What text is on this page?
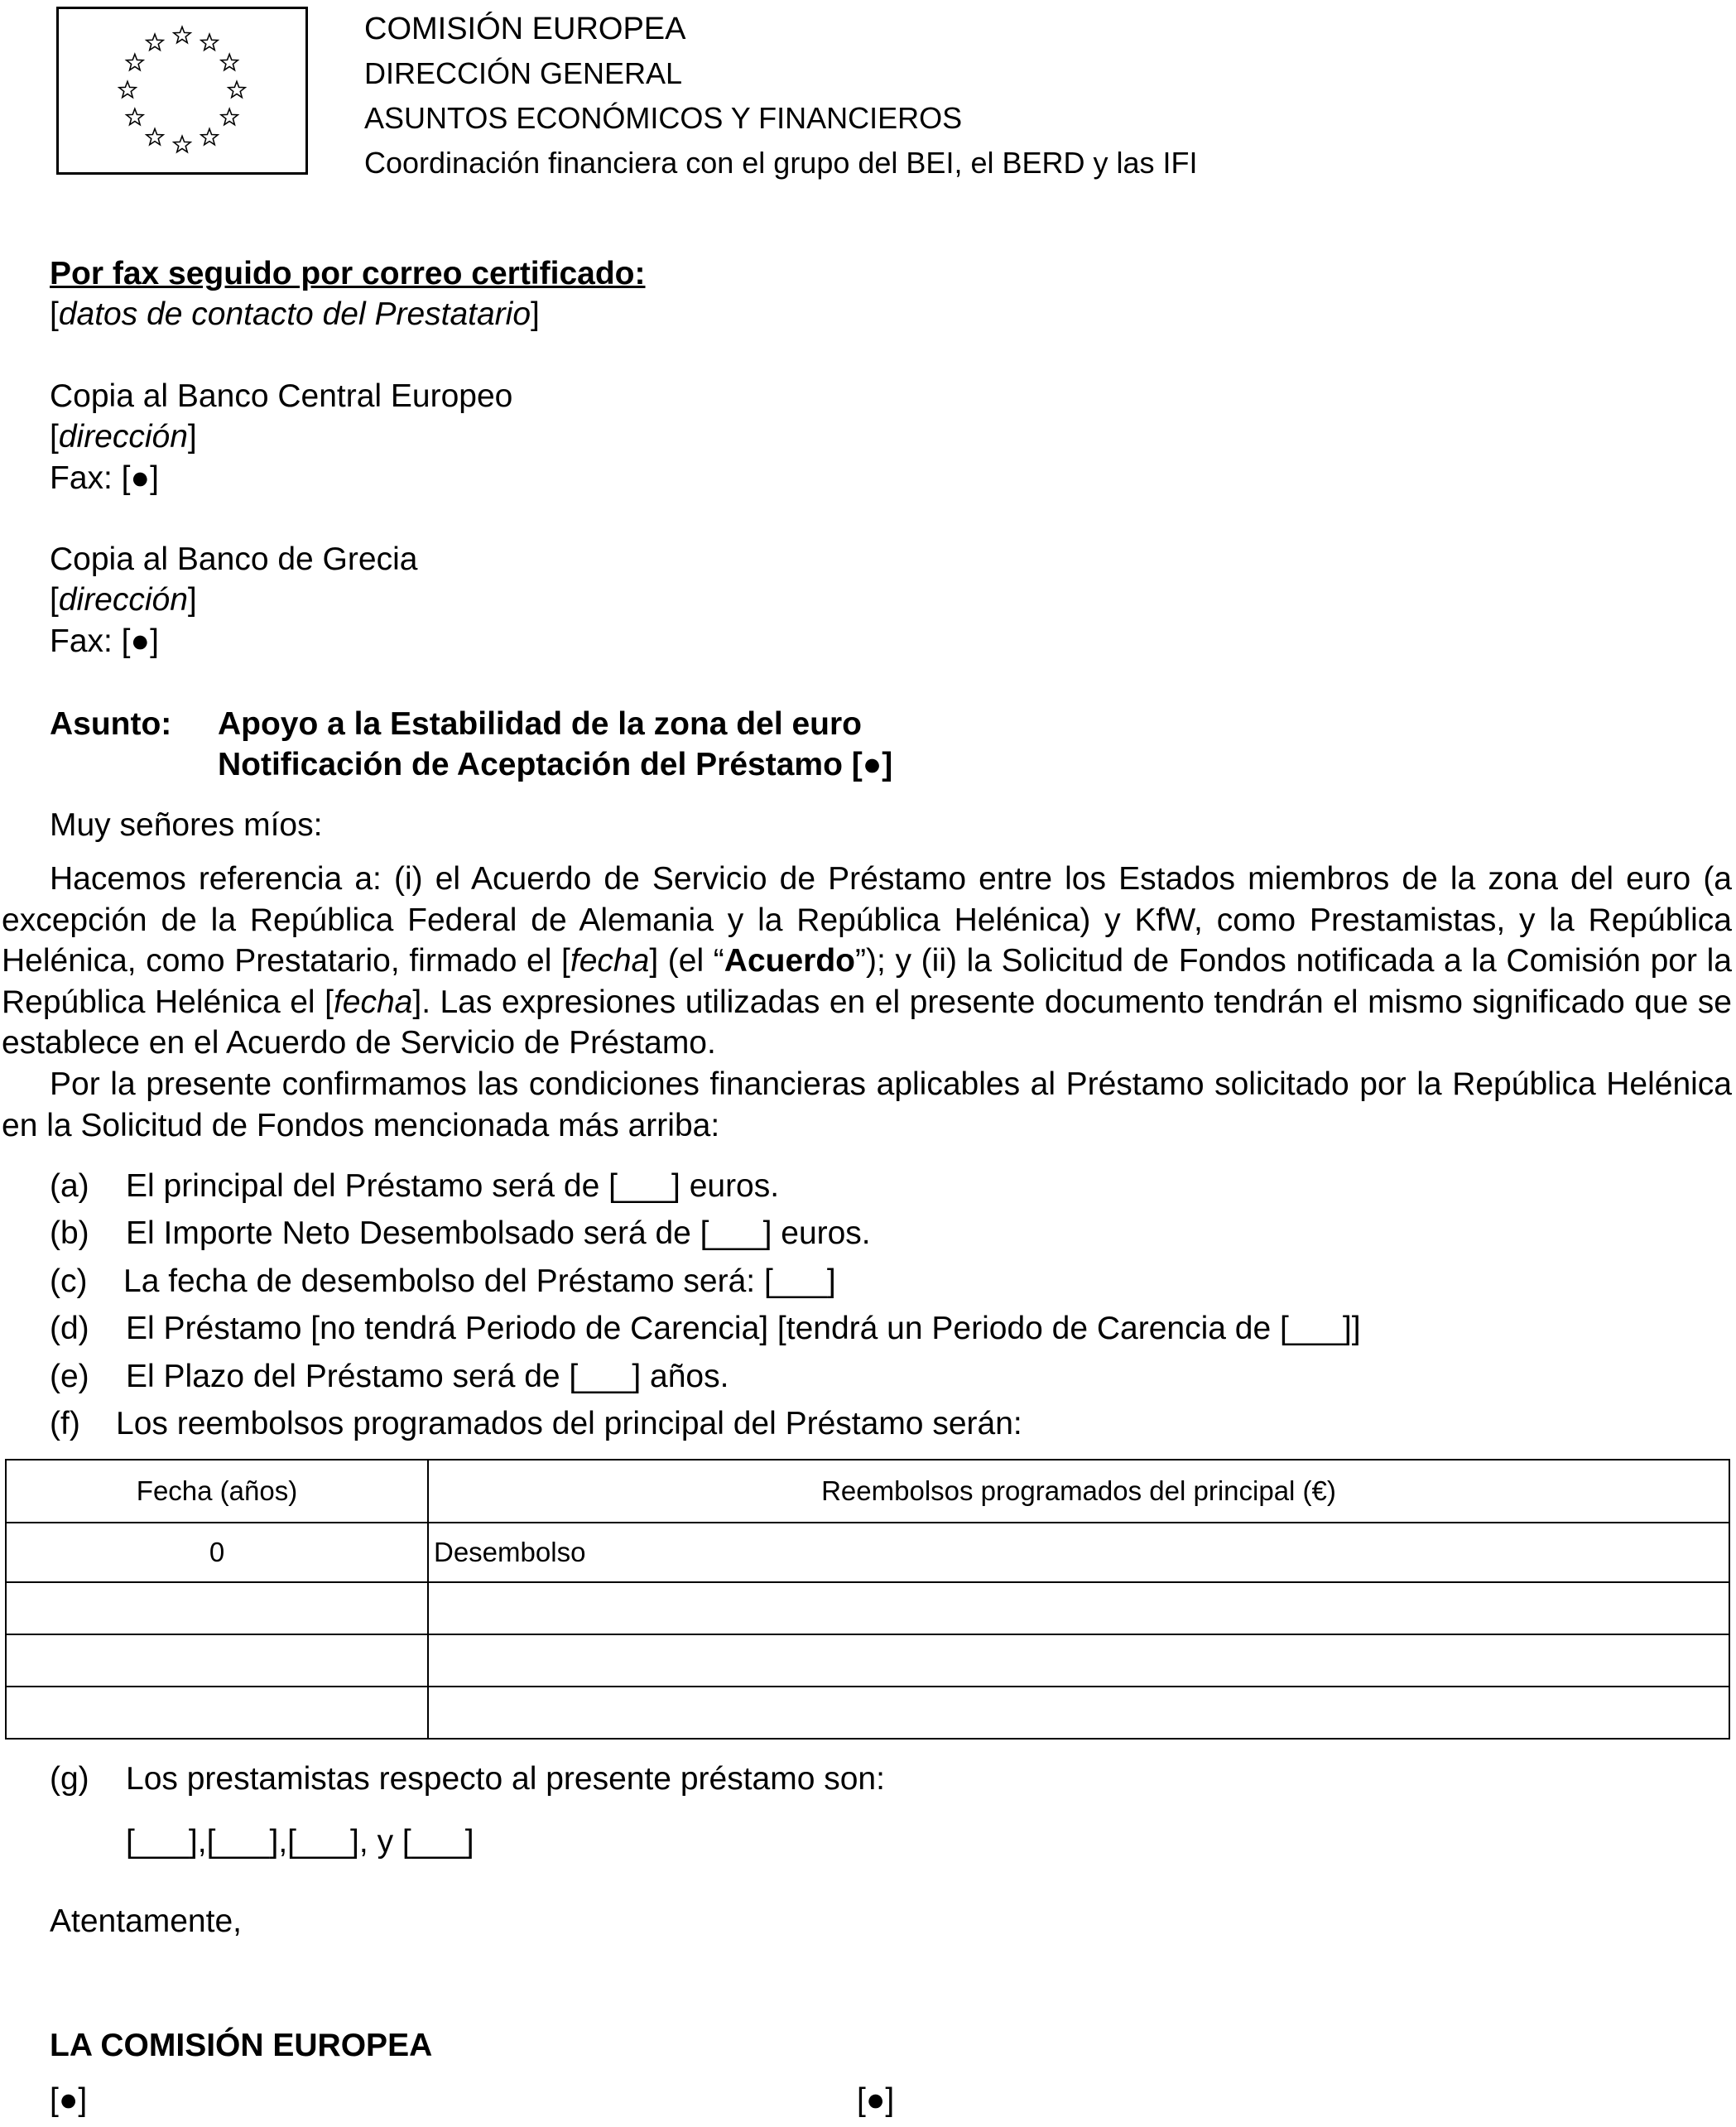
COMISIÓN EUROPEA
DIRECCIÓN GENERAL
ASUNTOS ECONÓMICOS Y FINANCIEROS
Coordinación financiera con el grupo del BEI, el BERD y las IFI
Por fax seguido por correo certificado:
[datos de contacto del Prestatario]
Copia al Banco Central Europeo
[dirección]
Fax: [●]
Copia al Banco de Grecia
[dirección]
Fax: [●]
Asunto: Apoyo a la Estabilidad de la zona del euro
Notificación de Aceptación del Préstamo [●]
Muy señores míos:
Hacemos referencia a: (i) el Acuerdo de Servicio de Préstamo entre los Estados miembros de la zona del euro (a excepción de la República Federal de Alemania y la República Helénica) y KfW, como Prestamistas, y la República Helénica, como Prestatario, firmado el [fecha] (el “Acuerdo”); y (ii) la Solicitud de Fondos notificada a la Comisión por la República Helénica el [fecha]. Las expresiones utilizadas en el presente documento tendrán el mismo significado que se establece en el Acuerdo de Servicio de Préstamo.
Por la presente confirmamos las condiciones financieras aplicables al Préstamo solicitado por la República Helénica en la Solicitud de Fondos mencionada más arriba:
(a) El principal del Préstamo será de [___] euros.
(b) El Importe Neto Desembolsado será de [___] euros.
(c) La fecha de desembolso del Préstamo será: [___]
(d) El Préstamo [no tendrá Periodo de Carencia] [tendrá un Periodo de Carencia de [___]]
(e) El Plazo del Préstamo será de [___] años.
(f) Los reembolsos programados del principal del Préstamo serán:
Fecha (años)	Reembolsos programados del principal (€)
0	Desembolso

(g) Los prestamistas respecto al presente préstamo son:
[___],[___],[___], y [___]
Atentamente,
LA COMISIÓN EUROPEA
[●]	[●]
